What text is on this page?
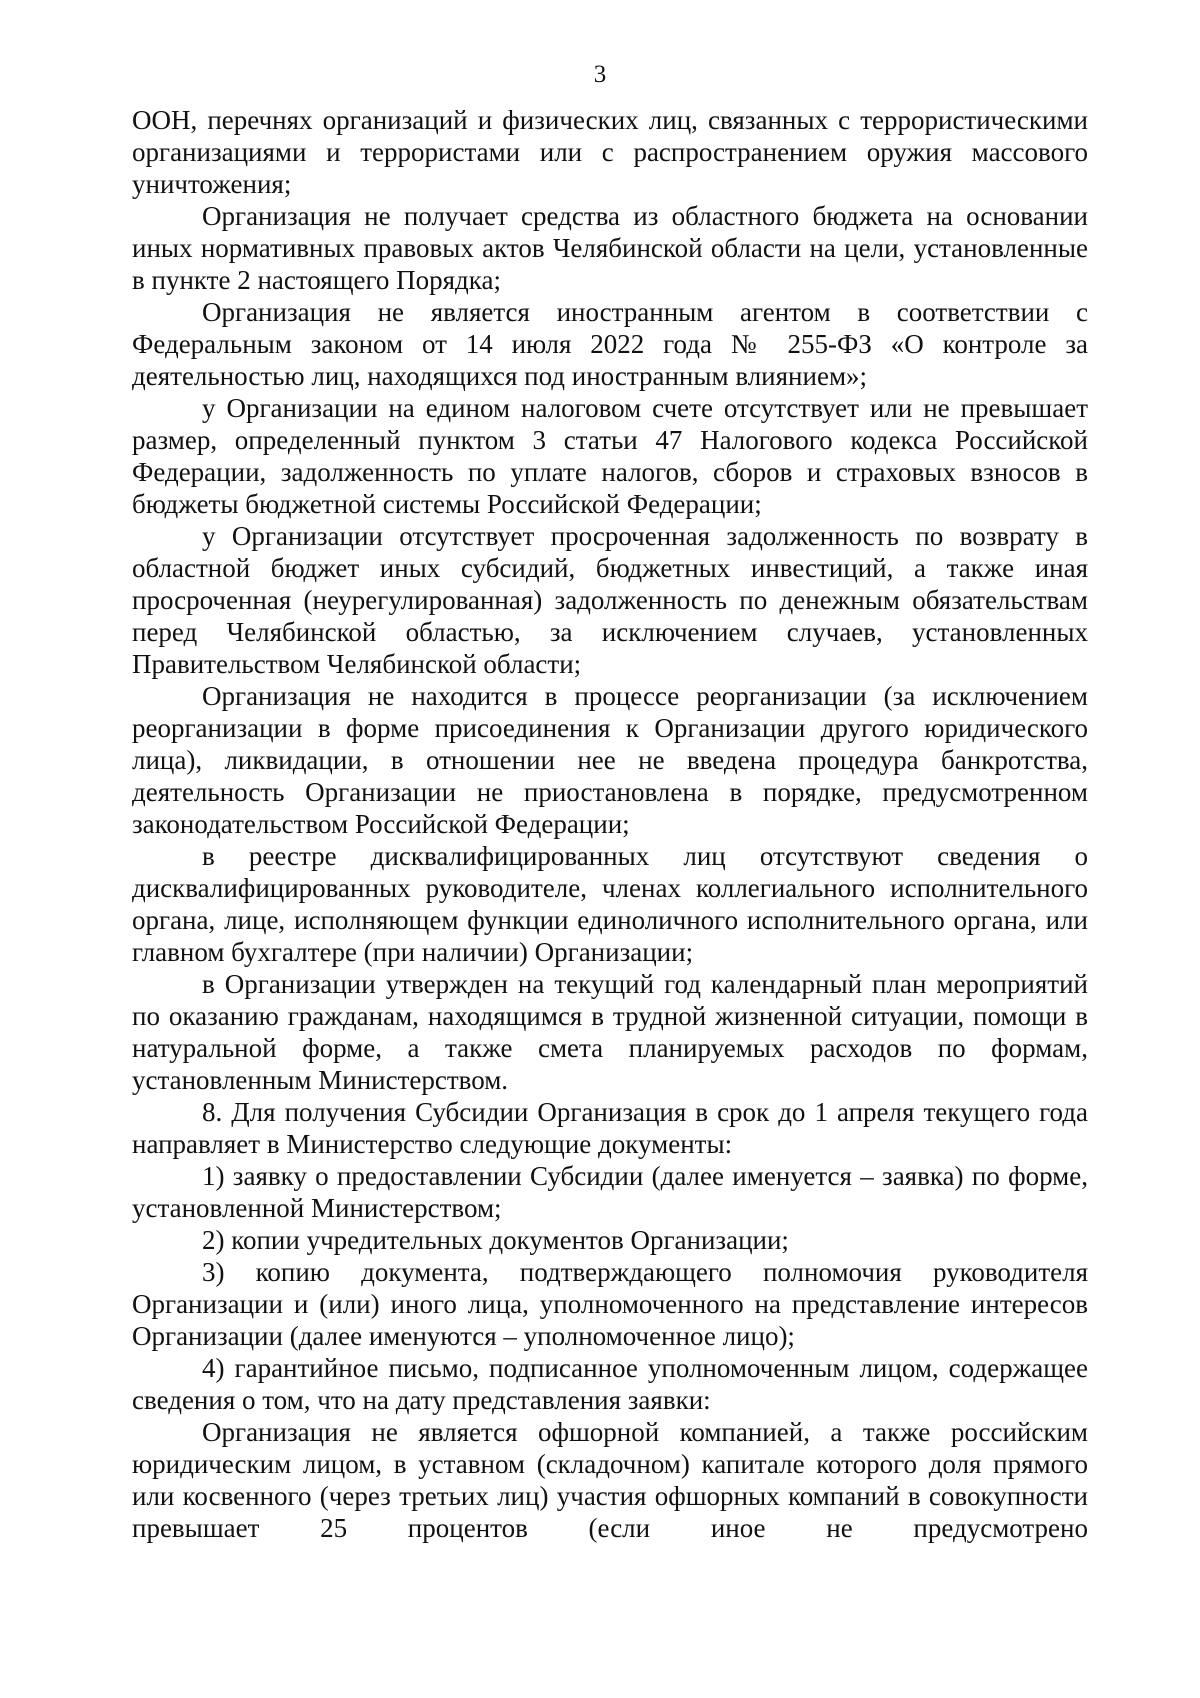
3

ООН, перечнях организаций и физических лиц, связанных с террористическими организациями и террористами или с распространением оружия массового уничтожения;

Организация не получает средства из областного бюджета на основании иных нормативных правовых актов Челябинской области на цели, установленные в пункте 2 настоящего Порядка;

Организация не является иностранным агентом в соответствии с Федеральным законом от 14 июля 2022 года № 255-ФЗ «О контроле за деятельностью лиц, находящихся под иностранным влиянием»;

у Организации на едином налоговом счете отсутствует или не превышает размер, определенный пунктом 3 статьи 47 Налогового кодекса Российской Федерации, задолженность по уплате налогов, сборов и страховых взносов в бюджеты бюджетной системы Российской Федерации;

у Организации отсутствует просроченная задолженность по возврату в областной бюджет иных субсидий, бюджетных инвестиций, а также иная просроченная (неурегулированная) задолженность по денежным обязательствам перед Челябинской областью, за исключением случаев, установленных Правительством Челябинской области;

Организация не находится в процессе реорганизации (за исключением реорганизации в форме присоединения к Организации другого юридического лица), ликвидации, в отношении нее не введена процедура банкротства, деятельность Организации не приостановлена в порядке, предусмотренном законодательством Российской Федерации;

в реестре дисквалифицированных лиц отсутствуют сведения о дисквалифицированных руководителе, членах коллегиального исполнительного органа, лице, исполняющем функции единоличного исполнительного органа, или главном бухгалтере (при наличии) Организации;

в Организации утвержден на текущий год календарный план мероприятий по оказанию гражданам, находящимся в трудной жизненной ситуации, помощи в натуральной форме, а также смета планируемых расходов по формам, установленным Министерством.

8. Для получения Субсидии Организация в срок до 1 апреля текущего года направляет в Министерство следующие документы:

1) заявку о предоставлении Субсидии (далее именуется – заявка) по форме, установленной Министерством;

2) копии учредительных документов Организации;

3) копию документа, подтверждающего полномочия руководителя Организации и (или) иного лица, уполномоченного на представление интересов Организации (далее именуются – уполномоченное лицо);

4) гарантийное письмо, подписанное уполномоченным лицом, содержащее сведения о том, что на дату представления заявки:

Организация не является офшорной компанией, а также российским юридическим лицом, в уставном (складочном) капитале которого доля прямого или косвенного (через третьих лиц) участия офшорных компаний в совокупности превышает 25 процентов (если иное не предусмотрено
